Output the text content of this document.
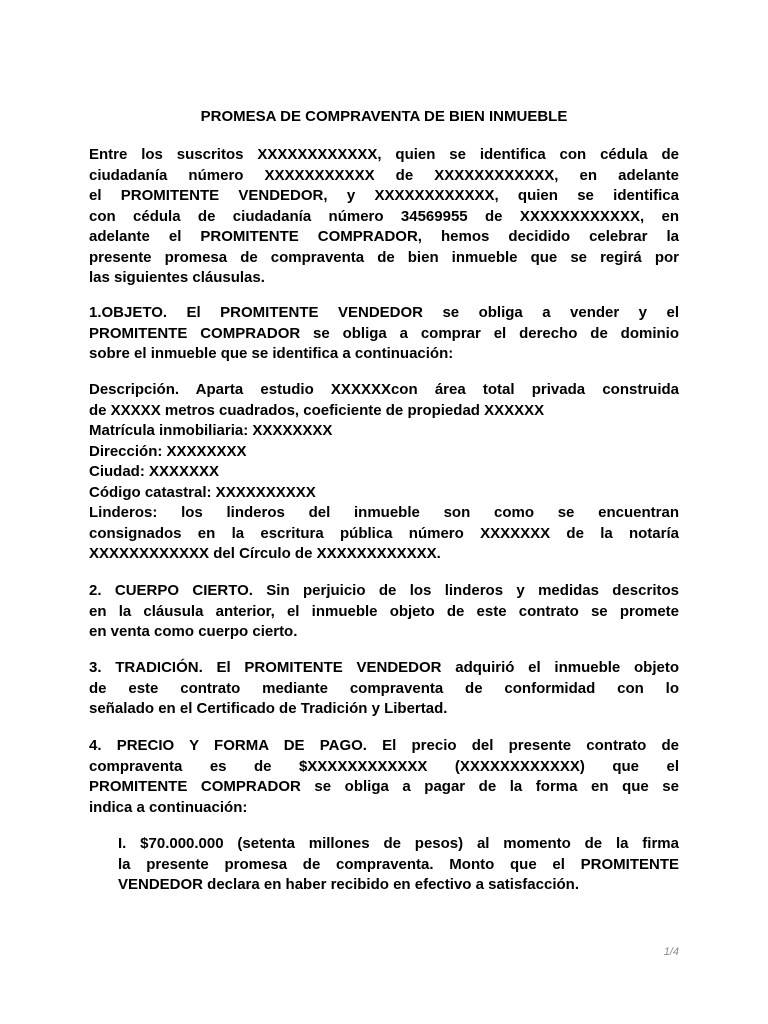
PROMESA DE COMPRAVENTA DE BIEN INMUEBLE
Entre los suscritos XXXXXXXXXXXX, quien se identifica con cédula de
ciudadanía número XXXXXXXXXXX de XXXXXXXXXXXX, en adelante
el PROMITENTE VENDEDOR, y XXXXXXXXXXXX, quien se identifica
con cédula de ciudadanía número 34569955 de XXXXXXXXXXXX, en
adelante el PROMITENTE COMPRADOR, hemos decidido celebrar la
presente promesa de compraventa de bien inmueble que se regirá por
las siguientes cláusulas.
1.OBJETO. El PROMITENTE VENDEDOR se obliga a vender y el
PROMITENTE COMPRADOR se obliga a comprar el derecho de dominio
sobre el inmueble que se identifica a continuación:
Descripción. Aparta estudio XXXXXXcon área total privada construida
de XXXXX metros cuadrados, coeficiente de propiedad XXXXXX
Matrícula inmobiliaria: XXXXXXXX
Dirección: XXXXXXXX
Ciudad: XXXXXXX
Código catastral: XXXXXXXXXX
Linderos: los linderos del inmueble son como se encuentran
consignados en la escritura pública número XXXXXXX de la notaría
XXXXXXXXXXXX del Círculo de XXXXXXXXXXXX.
2. CUERPO CIERTO. Sin perjuicio de los linderos y medidas descritos
en la cláusula anterior, el inmueble objeto de este contrato se promete
en venta como cuerpo cierto.
3. TRADICIÓN. El PROMITENTE VENDEDOR adquirió el inmueble objeto
de este contrato mediante compraventa de conformidad con lo
señalado en el Certificado de Tradición y Libertad.
4. PRECIO Y FORMA DE PAGO. El precio del presente contrato de
compraventa es de $XXXXXXXXXXXX (XXXXXXXXXXXX) que el
PROMITENTE COMPRADOR se obliga a pagar de la forma en que se
indica a continuación:
I. $70.000.000 (setenta millones de pesos) al momento de la firma
la presente promesa de compraventa. Monto que el PROMITENTE
VENDEDOR declara en haber recibido en efectivo a satisfacción.
1/4
